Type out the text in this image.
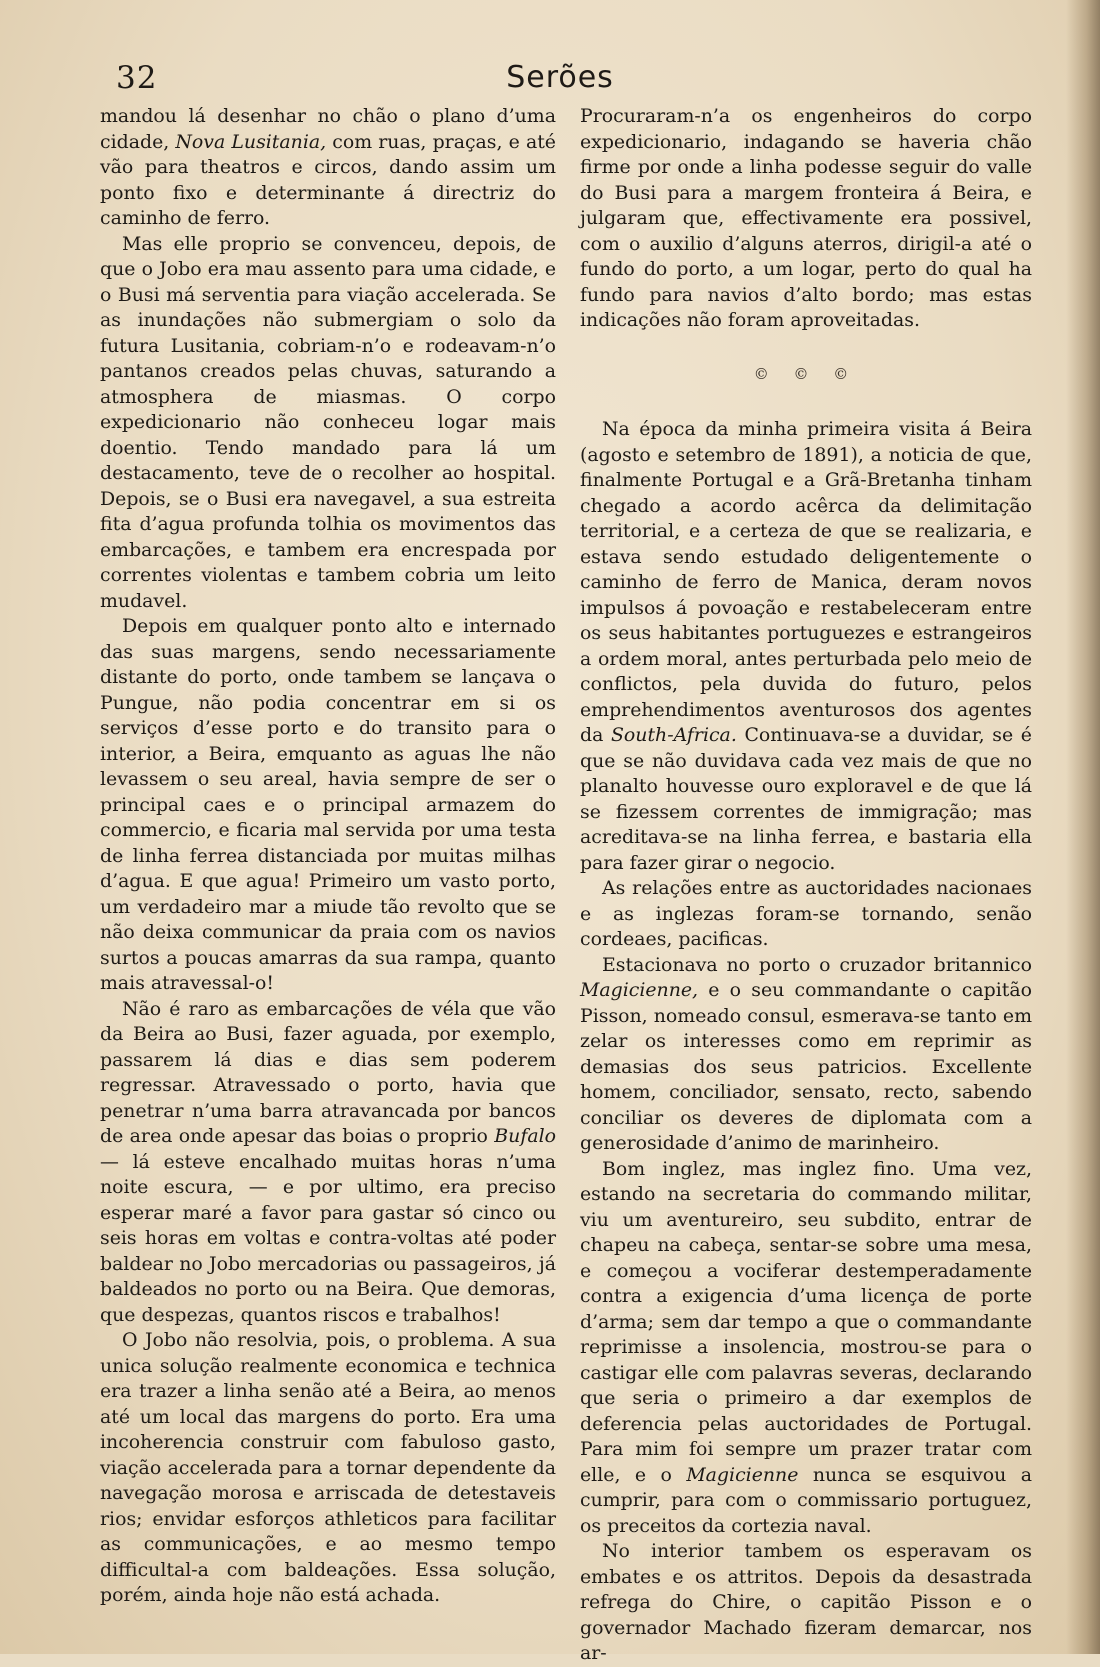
32	Serões

mandou lá desenhar no chão o plano d’uma cidade, Nova Lusitania, com ruas, praças, e até vão para theatros e circos, dando assim um ponto fixo e determinante á directriz do caminho de ferro.

Mas elle proprio se convenceu, depois, de que o Jobo era mau assento para uma cidade, e o Busi má serventia para viação accelerada. Se as inundações não submergiam o solo da futura Lusitania, cobriam-n’o e rodeavam-n’o pantanos creados pelas chuvas, saturando a atmosphera de miasmas. O corpo expedicionario não conheceu logar mais doentio. Tendo mandado para lá um destacamento, teve de o recolher ao hospital. Depois, se o Busi era navegavel, a sua estreita fita d’agua profunda tolhia os movimentos das embarcações, e tambem era encrespada por correntes violentas e tambem cobria um leito mudavel.

Depois em qualquer ponto alto e internado das suas margens, sendo necessariamente distante do porto, onde tambem se lançava o Pungue, não podia concentrar em si os serviços d’esse porto e do transito para o interior, a Beira, emquanto as aguas lhe não levassem o seu areal, havia sempre de ser o principal caes e o principal armazem do commercio, e ficaria mal servida por uma testa de linha ferrea distanciada por muitas milhas d’agua. E que agua! Primeiro um vasto porto, um verdadeiro mar a miude tão revolto que se não deixa communicar da praia com os navios surtos a poucas amarras da sua rampa, quanto mais atravessal-o!

Não é raro as embarcações de véla que vão da Beira ao Busi, fazer aguada, por exemplo, passarem lá dias e dias sem poderem regressar. Atravessado o porto, havia que penetrar n’uma barra atravancada por bancos de area onde apesar das boias o proprio Bufalo — lá esteve encalhado muitas horas n’uma noite escura, — e por ultimo, era preciso esperar maré a favor para gastar só cinco ou seis horas em voltas e contra-voltas até poder baldear no Jobo mercadorias ou passageiros, já baldeados no porto ou na Beira. Que demoras, que despezas, quantos riscos e trabalhos!

O Jobo não resolvia, pois, o problema. A sua unica solução realmente economica e technica era trazer a linha senão até a Beira, ao menos até um local das margens do porto. Era uma incoherencia construir com fabuloso gasto, viação accelerada para a tornar dependente da navegação morosa e arriscada de detestaveis rios; envidar esforços athleticos para facilitar as communicações, e ao mesmo tempo difficultal-a com baldeações. Essa solução, porém, ainda hoje não está achada.

Procuraram-n’a os engenheiros do corpo expedicionario, indagando se haveria chão firme por onde a linha podesse seguir do valle do Busi para a margem fronteira á Beira, e julgaram que, effectivamente era possivel, com o auxilio d’alguns aterros, dirigil-a até o fundo do porto, a um logar, perto do qual ha fundo para navios d’alto bordo; mas estas indicações não foram aproveitadas.

© © ©

Na época da minha primeira visita á Beira (agosto e setembro de 1891), a noticia de que, finalmente Portugal e a Grã-Bretanha tinham chegado a acordo acêrca da delimitação territorial, e a certeza de que se realizaria, e estava sendo estudado deligentemente o caminho de ferro de Manica, deram novos impulsos á povoação e restabeleceram entre os seus habitantes portuguezes e estrangeiros a ordem moral, antes perturbada pelo meio de conflictos, pela duvida do futuro, pelos emprehendimentos aventurosos dos agentes da South-Africa. Continuava-se a duvidar, se é que se não duvidava cada vez mais de que no planalto houvesse ouro exploravel e de que lá se fizessem correntes de immigração; mas acreditava-se na linha ferrea, e bastaria ella para fazer girar o negocio.

As relações entre as auctoridades nacionaes e as inglezas foram-se tornando, senão cordeaes, pacificas.

Estacionava no porto o cruzador britannico Magicienne, e o seu commandante o capitão Pisson, nomeado consul, esmerava-se tanto em zelar os interesses como em reprimir as demasias dos seus patricios. Excellente homem, conciliador, sensato, recto, sabendo conciliar os deveres de diplomata com a generosidade d’animo de marinheiro.

Bom inglez, mas inglez fino. Uma vez, estando na secretaria do commando militar, viu um aventureiro, seu subdito, entrar de chapeu na cabeça, sentar-se sobre uma mesa, e começou a vociferar destemperadamente contra a exigencia d’uma licença de porte d’arma; sem dar tempo a que o commandante reprimisse a insolencia, mostrou-se para o castigar elle com palavras severas, declarando que seria o primeiro a dar exemplos de deferencia pelas auctoridades de Portugal. Para mim foi sempre um prazer tratar com elle, e o Magicienne nunca se esquivou a cumprir, para com o commissario portuguez, os preceitos da cortezia naval.

No interior tambem os esperavam os embates e os attritos. Depois da desastrada refrega do Chire, o capitão Pisson e o governador Machado fizeram demarcar, nos ar-
